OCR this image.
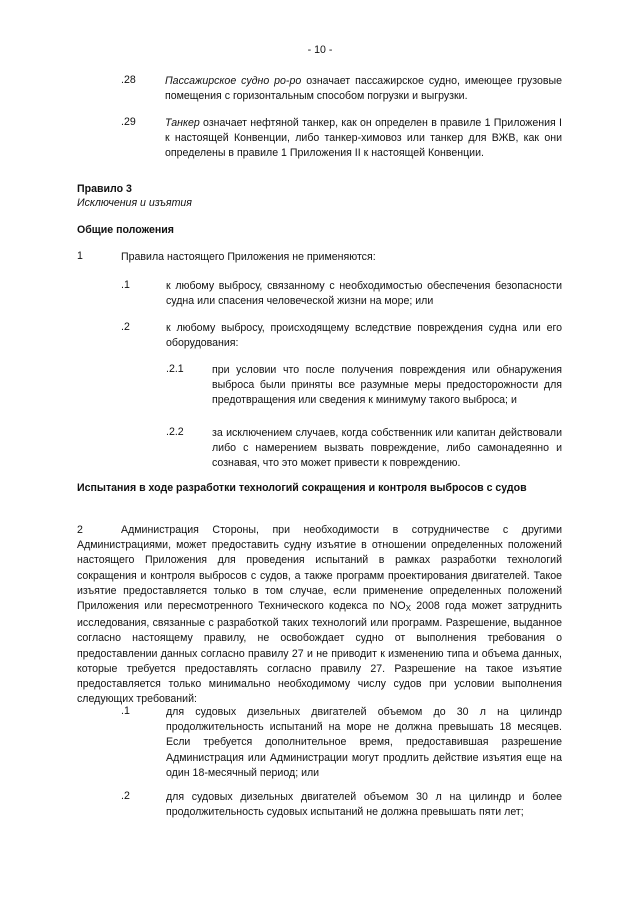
- 10 -
.28	Пассажирское судно ро-ро означает пассажирское судно, имеющее грузовые помещения с горизонтальным способом погрузки и выгрузки.
.29	Танкер означает нефтяной танкер, как он определен в правиле 1 Приложения I к настоящей Конвенции, либо танкер-химовоз или танкер для ВЖВ, как они определены в правиле 1 Приложения II к настоящей Конвенции.
Правило 3
Исключения и изъятия
Общие положения
1	Правила настоящего Приложения не применяются:
.1	к любому выбросу, связанному с необходимостью обеспечения безопасности судна или спасения человеческой жизни на море; или
.2	к любому выбросу, происходящему вследствие повреждения судна или его оборудования:
.2.1	при условии что после получения повреждения или обнаружения выброса были приняты все разумные меры предосторожности для предотвращения или сведения к минимуму такого выброса; и
.2.2	за исключением случаев, когда собственник или капитан действовали либо с намерением вызвать повреждение, либо самонадеянно и сознавая, что это может привести к повреждению.
Испытания в ходе разработки технологий сокращения и контроля выбросов с судов
2	Администрация Стороны, при необходимости в сотрудничестве с другими Администрациями, может предоставить судну изъятие в отношении определенных положений настоящего Приложения для проведения испытаний в рамках разработки технологий сокращения и контроля выбросов с судов, а также программ проектирования двигателей. Такое изъятие предоставляется только в том случае, если применение определенных положений Приложения или пересмотренного Технического кодекса по $NO_X$ 2008 года может затруднить исследования, связанные с разработкой таких технологий или программ. Разрешение, выданное согласно настоящему правилу, не освобождает судно от выполнения требования о предоставлении данных согласно правилу 27 и не приводит к изменению типа и объема данных, которые требуется предоставлять согласно правилу 27. Разрешение на такое изъятие предоставляется только минимально необходимому числу судов при условии выполнения следующих требований:
.1	для судовых дизельных двигателей объемом до 30 л на цилиндр продолжительность испытаний на море не должна превышать 18 месяцев. Если требуется дополнительное время, предоставившая разрешение Администрация или Администрации могут продлить действие изъятия еще на один 18-месячный период; или
.2	для судовых дизельных двигателей объемом 30 л на цилиндр и более продолжительность судовых испытаний не должна превышать пяти лет;
